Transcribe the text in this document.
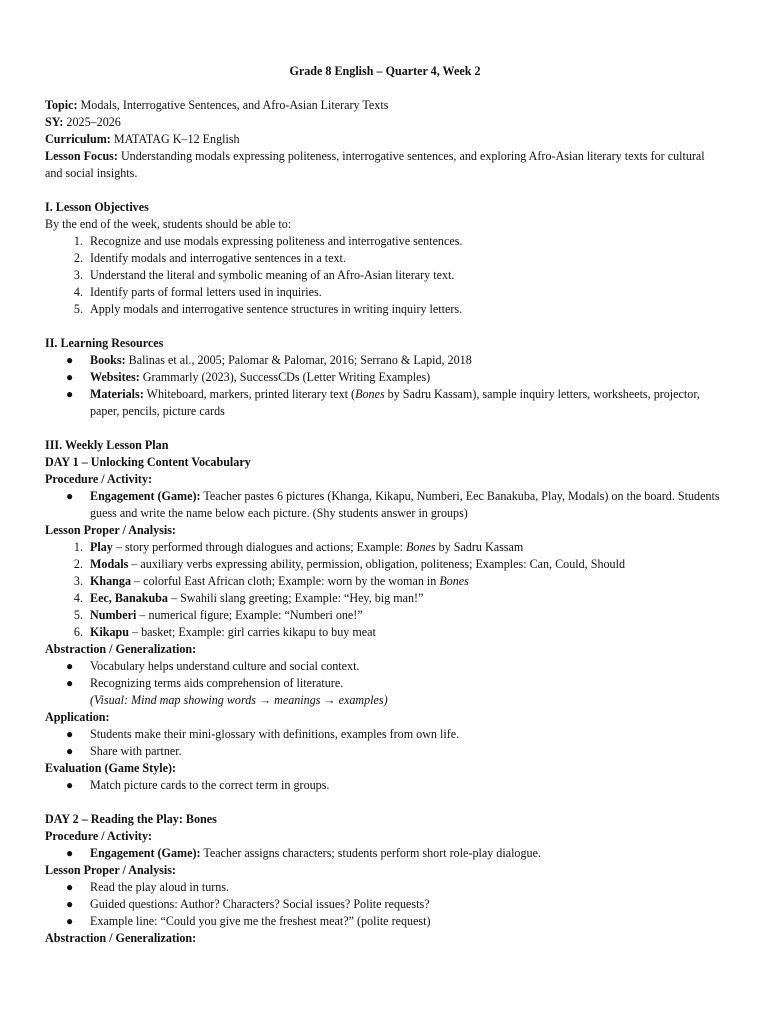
Grade 8 English – Quarter 4, Week 2

Topic: Modals, Interrogative Sentences, and Afro-Asian Literary Texts

SY: 2025–2026

Curriculum: MATATAG K–12 English

Lesson Focus: Understanding modals expressing politeness, interrogative sentences, and exploring Afro-Asian literary texts for cultural and social insights.

I. Lesson Objectives

By the end of the week, students should be able to:

1. Recognize and use modals expressing politeness and interrogative sentences.
2. Identify modals and interrogative sentences in a text.
3. Understand the literal and symbolic meaning of an Afro-Asian literary text.
4. Identify parts of formal letters used in inquiries.
5. Apply modals and interrogative sentence structures in writing inquiry letters.

II. Learning Resources

● Books: Balinas et al., 2005; Palomar & Palomar, 2016; Serrano & Lapid, 2018
● Websites: Grammarly (2023), SuccessCDs (Letter Writing Examples)
● Materials: Whiteboard, markers, printed literary text (Bones by Sadru Kassam), sample inquiry letters, worksheets, projector, paper, pencils, picture cards

III. Weekly Lesson Plan

DAY 1 – Unlocking Content Vocabulary

Procedure / Activity:

● Engagement (Game): Teacher pastes 6 pictures (Khanga, Kikapu, Numberi, Eec Banakuba, Play, Modals) on the board. Students guess and write the name below each picture. (Shy students answer in groups)

Lesson Proper / Analysis:

1. Play – story performed through dialogues and actions; Example: Bones by Sadru Kassam
2. Modals – auxiliary verbs expressing ability, permission, obligation, politeness; Examples: Can, Could, Should
3. Khanga – colorful East African cloth; Example: worn by the woman in Bones
4. Eec, Banakuba – Swahili slang greeting; Example: “Hey, big man!”
5. Numberi – numerical figure; Example: “Numberi one!”
6. Kikapu – basket; Example: girl carries kikapu to buy meat

Abstraction / Generalization:

● Vocabulary helps understand culture and social context.
● Recognizing terms aids comprehension of literature.

(Visual: Mind map showing words → meanings → examples)

Application:

● Students make their mini-glossary with definitions, examples from own life.
● Share with partner.

Evaluation (Game Style):

● Match picture cards to the correct term in groups.

DAY 2 – Reading the Play: Bones

Procedure / Activity:

● Engagement (Game): Teacher assigns characters; students perform short role-play dialogue.

Lesson Proper / Analysis:

● Read the play aloud in turns.
● Guided questions: Author? Characters? Social issues? Polite requests?
● Example line: “Could you give me the freshest meat?” (polite request)

Abstraction / Generalization:
